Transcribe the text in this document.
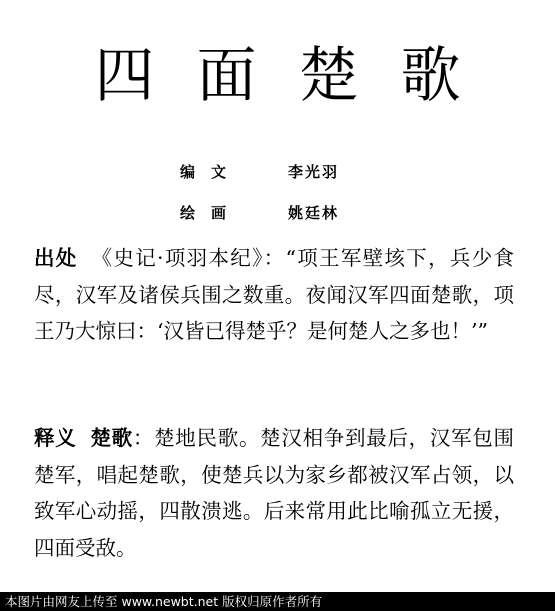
四面楚歌
编文	李光羽
绘画	姚廷林

出处 《史记·项羽本纪》：“项王军壁垓下，兵少食尽，汉军及诸侯兵围之数重。夜闻汉军四面楚歌，项王乃大惊曰：‘汉皆已得楚乎？是何楚人之多也！’”

释义 楚歌：楚地民歌。楚汉相争到最后，汉军包围楚军，唱起楚歌，使楚兵以为家乡都被汉军占领，以致军心动摇，四散溃逃。后来常用此比喻孤立无援，四面受敌。

本图片由网友上传至 www.newbt.net 版权归原作者所有
